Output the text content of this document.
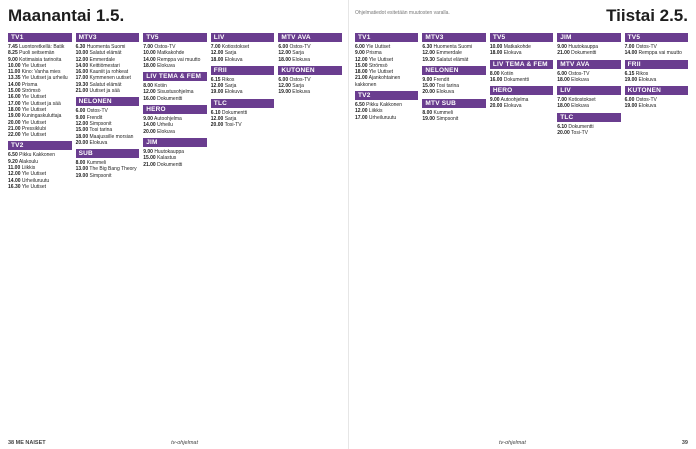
Maanantai 1.5.
TV1

7.45 Luontoretkellä: Batik

8.25 Puoli seitsemän

9.00 Kotimaisia tarinoita

10.00 Yle Uutiset

11.00 Kino: Vanha mies

13.35 Yle Uutiset ja urheilu

14.00 Prisma

15.00 Strömsö

16.00 Yle Uutiset

17.00 Yle Uutiset ja sää

18.00 Yle Uutiset

19.00 Kuningaskuluttaja

20.00 Yle Uutiset

21.00 Pressiklubi

22.00 Yle Uutiset

TV2

6.50 Pikku Kakkonen

9.20 Alakoulu

11.00 Liikkis

12.00 Yle Uutiset

14.00 Urheiluruutu

16.30 Yle Uutiset

MTV3

6.30 Huomenta Suomi

10.00 Salatut elämät

12.00 Emmerdale

14.00 Keittiömestari

16.00 Kauniit ja rohkeat

17.00 Kymmenen uutiset

19.30 Salatut elämät

21.00 Uutiset ja sää

NELONEN

6.00 Ostos-TV

9.00 Frendit

12.00 Simpsonit

15.00 Tosi tarina

18.00 Maajussille morsian

20.00 Elokuva

SUB

8.00 Kummeli

13.00 The Big Bang Theory

19.00 Simpsonit

TV5

7.00 Ostos-TV

10.00 Matkakohde

14.00 Remppa vai muutto

18.00 Elokuva

LIV TEMA & FEM

8.00 Kotiin

12.00 Sisustusohjelma

16.00 Dokumentti

HERO

9.00 Autoohjelma

14.00 Urheilu

20.00 Elokuva

JIM

9.00 Huutokauppa

15.00 Kalastus

21.00 Dokumentti

LIV

7.00 Kotiostokset

12.00 Sarja

18.00 Elokuva

FRII

6.15 Rikos

12.00 Sarja

19.00 Elokuva

TLC

6.10 Dokumentti

12.00 Sarja

20.00 Tosi-TV

MTV AVA

6.00 Ostos-TV

12.00 Sarja

18.00 Elokuva

KUTONEN

6.00 Ostos-TV

12.00 Sarja

19.00 Elokuva

38 ME NAISET	tv-ohjelmat
Ohjelmatiedot esitetään muutosten varalla.	Tiistai 2.5.
TV1

6.00 Yle Uutiset

9.00 Prisma

12.00 Yle Uutiset

15.00 Strömsö

18.00 Yle Uutiset

21.00 Ajankohtainen kakkonen

TV2

6.50 Pikku Kakkonen

12.00 Liikkis

17.00 Urheiluruutu

MTV3

6.30 Huomenta Suomi

12.00 Emmerdale

19.30 Salatut elämät

NELONEN

9.00 Frendit

15.00 Tosi tarina

20.00 Elokuva

MTV SUB

8.00 Kummeli

19.00 Simpsonit

TV5

10.00 Matkakohde

18.00 Elokuva

LIV TEMA & FEM

8.00 Kotiin

16.00 Dokumentti

HERO

9.00 Autoohjelma

20.00 Elokuva

JIM

9.00 Huutokauppa

21.00 Dokumentti

MTV AVA

6.00 Ostos-TV

18.00 Elokuva

LIV

7.00 Kotiostokset

18.00 Elokuva

TLC

6.10 Dokumentti

20.00 Tosi-TV

TV5

7.00 Ostos-TV

14.00 Remppa vai muutto

FRII

6.15 Rikos

19.00 Elokuva

KUTONEN

6.00 Ostos-TV

19.00 Elokuva

tv-ohjelmat	39
